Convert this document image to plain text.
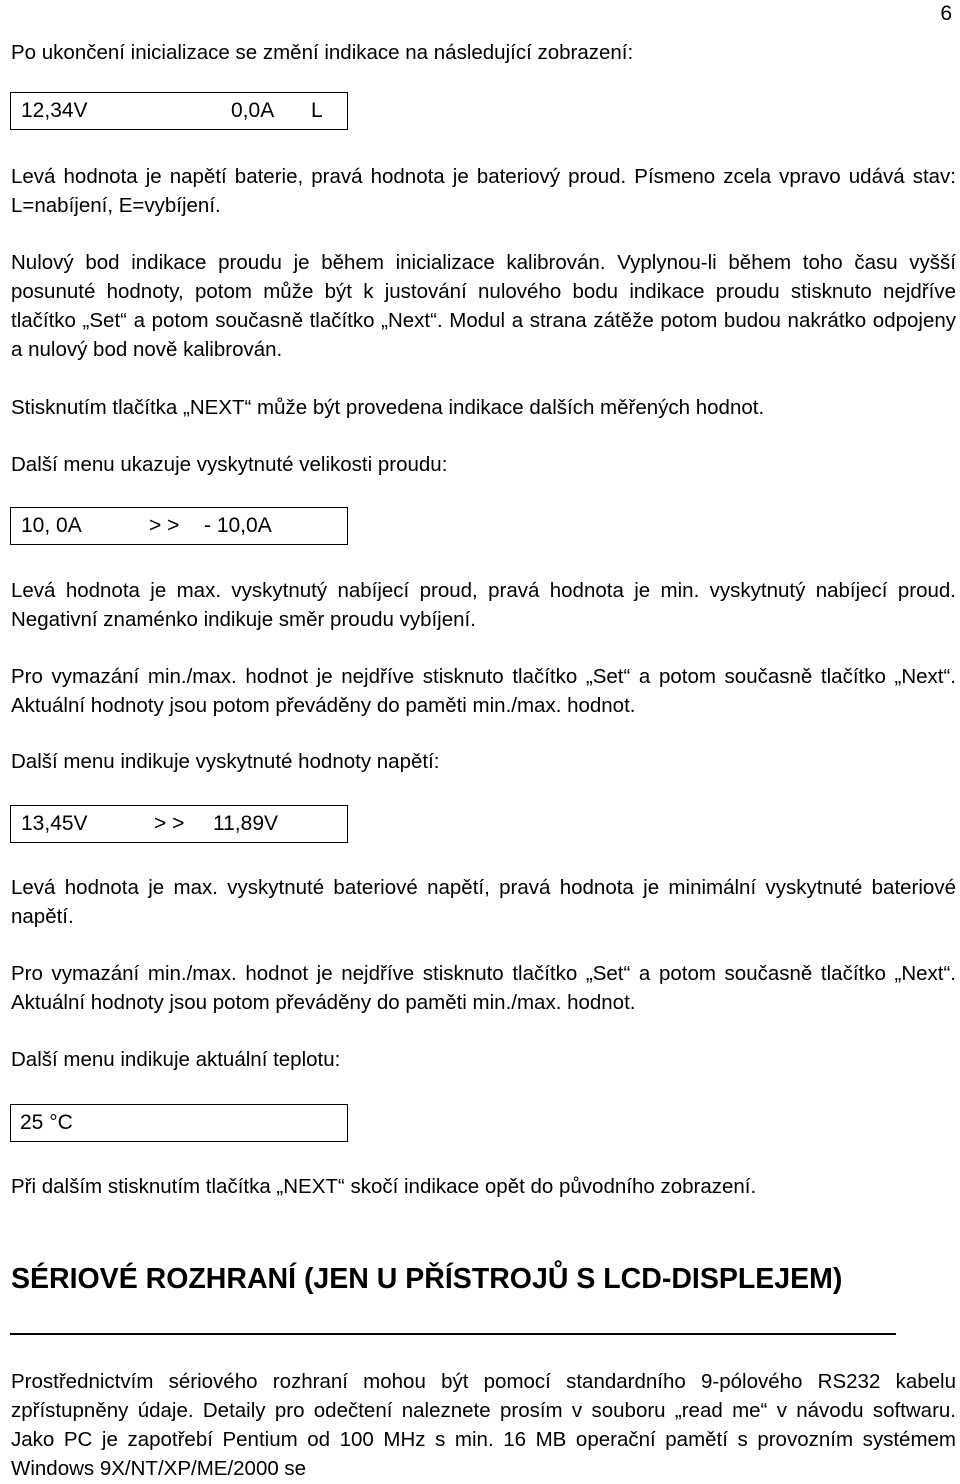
6

Po ukončení inicializace se změní indikace na následující zobrazení:

12,34V	0,0A L

Levá hodnota je napětí baterie, pravá hodnota je bateriový proud. Písmeno zcela vpravo udává stav: L=nabíjení, E=vybíjení.

Nulový bod indikace proudu je během inicializace kalibrován. Vyplynou-li během toho času vyšší posunuté hodnoty, potom může být k justování nulového bodu indikace proudu stisknuto nejdříve tlačítko „Set“ a potom současně tlačítko „Next“. Modul a strana zátěže potom budou nakrátko odpojeny a nulový bod nově kalibrován.

Stisknutím tlačítka „NEXT“ může být provedena indikace dalších měřených hodnot.

Další menu ukazuje vyskytnuté velikosti proudu:

10, 0A	> > - 10,0A

Levá hodnota je max. vyskytnutý nabíjecí proud, pravá hodnota je min. vyskytnutý nabíjecí proud. Negativní znaménko indikuje směr proudu vybíjení.

Pro vymazání min./max. hodnot je nejdříve stisknuto tlačítko „Set“ a potom současně tlačítko „Next“. Aktuální hodnoty jsou potom převáděny do paměti min./max. hodnot.

Další menu indikuje vyskytnuté hodnoty napětí:

13,45V	> > 11,89V

Levá hodnota je max. vyskytnuté bateriové napětí, pravá hodnota je minimální vyskytnuté bateriové napětí.

Pro vymazání min./max. hodnot je nejdříve stisknuto tlačítko „Set“ a potom současně tlačítko „Next“. Aktuální hodnoty jsou potom převáděny do paměti min./max. hodnot.

Další menu indikuje aktuální teplotu:

25 °C

Při dalším stisknutím tlačítka „NEXT“ skočí indikace opět do původního zobrazení.

SÉRIOVÉ ROZHRANÍ (JEN U PŘÍSTROJŮ S LCD-DISPLEJEM)

Prostřednictvím sériového rozhraní mohou být pomocí standardního 9-pólového RS232 kabelu zpřístupněny údaje. Detaily pro odečtení naleznete prosím v souboru „read me“ v návodu softwaru. Jako PC je zapotřebí Pentium od 100 MHz s min. 16 MB operační pamětí s provozním systémem Windows 9X/NT/XP/ME/2000 se
